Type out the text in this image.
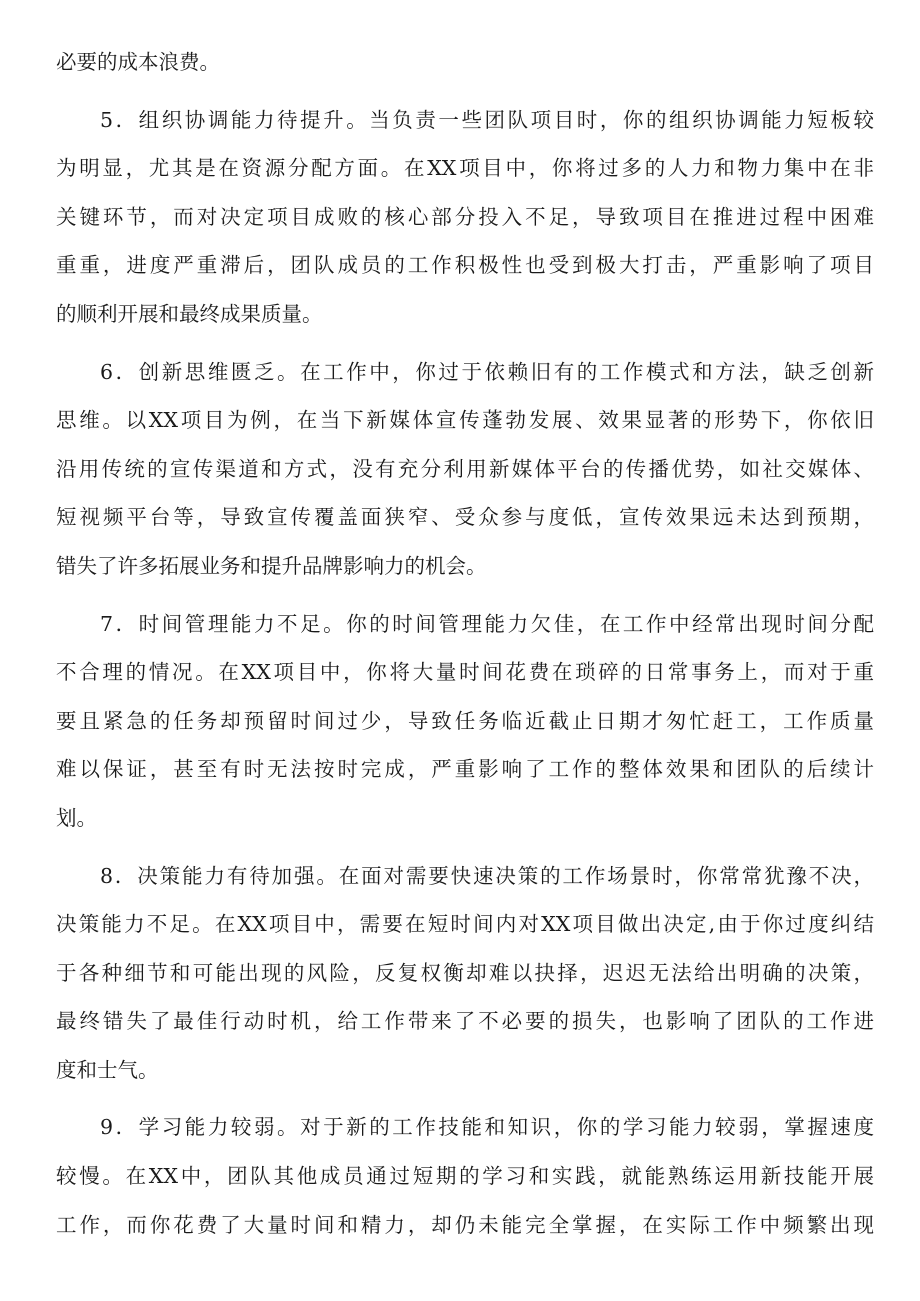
必要的成本浪费。
5．组织协调能力待提升。当负责一些团队项目时，你的组织协调能力短板较
为明显，尤其是在资源分配方面。在XX项目中，你将过多的人力和物力集中在非
关键环节，而对决定项目成败的核心部分投入不足，导致项目在推进过程中困难
重重，进度严重滞后，团队成员的工作积极性也受到极大打击，严重影响了项目
的顺利开展和最终成果质量。
6．创新思维匮乏。在工作中，你过于依赖旧有的工作模式和方法，缺乏创新
思维。以XX项目为例，在当下新媒体宣传蓬勃发展、效果显著的形势下，你依旧
沿用传统的宣传渠道和方式，没有充分利用新媒体平台的传播优势，如社交媒体、
短视频平台等，导致宣传覆盖面狭窄、受众参与度低，宣传效果远未达到预期，
错失了许多拓展业务和提升品牌影响力的机会。
7．时间管理能力不足。你的时间管理能力欠佳，在工作中经常出现时间分配
不合理的情况。在XX项目中，你将大量时间花费在琐碎的日常事务上，而对于重
要且紧急的任务却预留时间过少，导致任务临近截止日期才匆忙赶工，工作质量
难以保证，甚至有时无法按时完成，严重影响了工作的整体效果和团队的后续计
划。
8．决策能力有待加强。在面对需要快速决策的工作场景时，你常常犹豫不决，
决策能力不足。在XX项目中，需要在短时间内对XX项目做出决定,由于你过度纠结
于各种细节和可能出现的风险，反复权衡却难以抉择，迟迟无法给出明确的决策，
最终错失了最佳行动时机，给工作带来了不必要的损失，也影响了团队的工作进
度和士气。
9．学习能力较弱。对于新的工作技能和知识，你的学习能力较弱，掌握速度
较慢。在XX中，团队其他成员通过短期的学习和实践，就能熟练运用新技能开展
工作，而你花费了大量时间和精力，却仍未能完全掌握，在实际工作中频繁出现
